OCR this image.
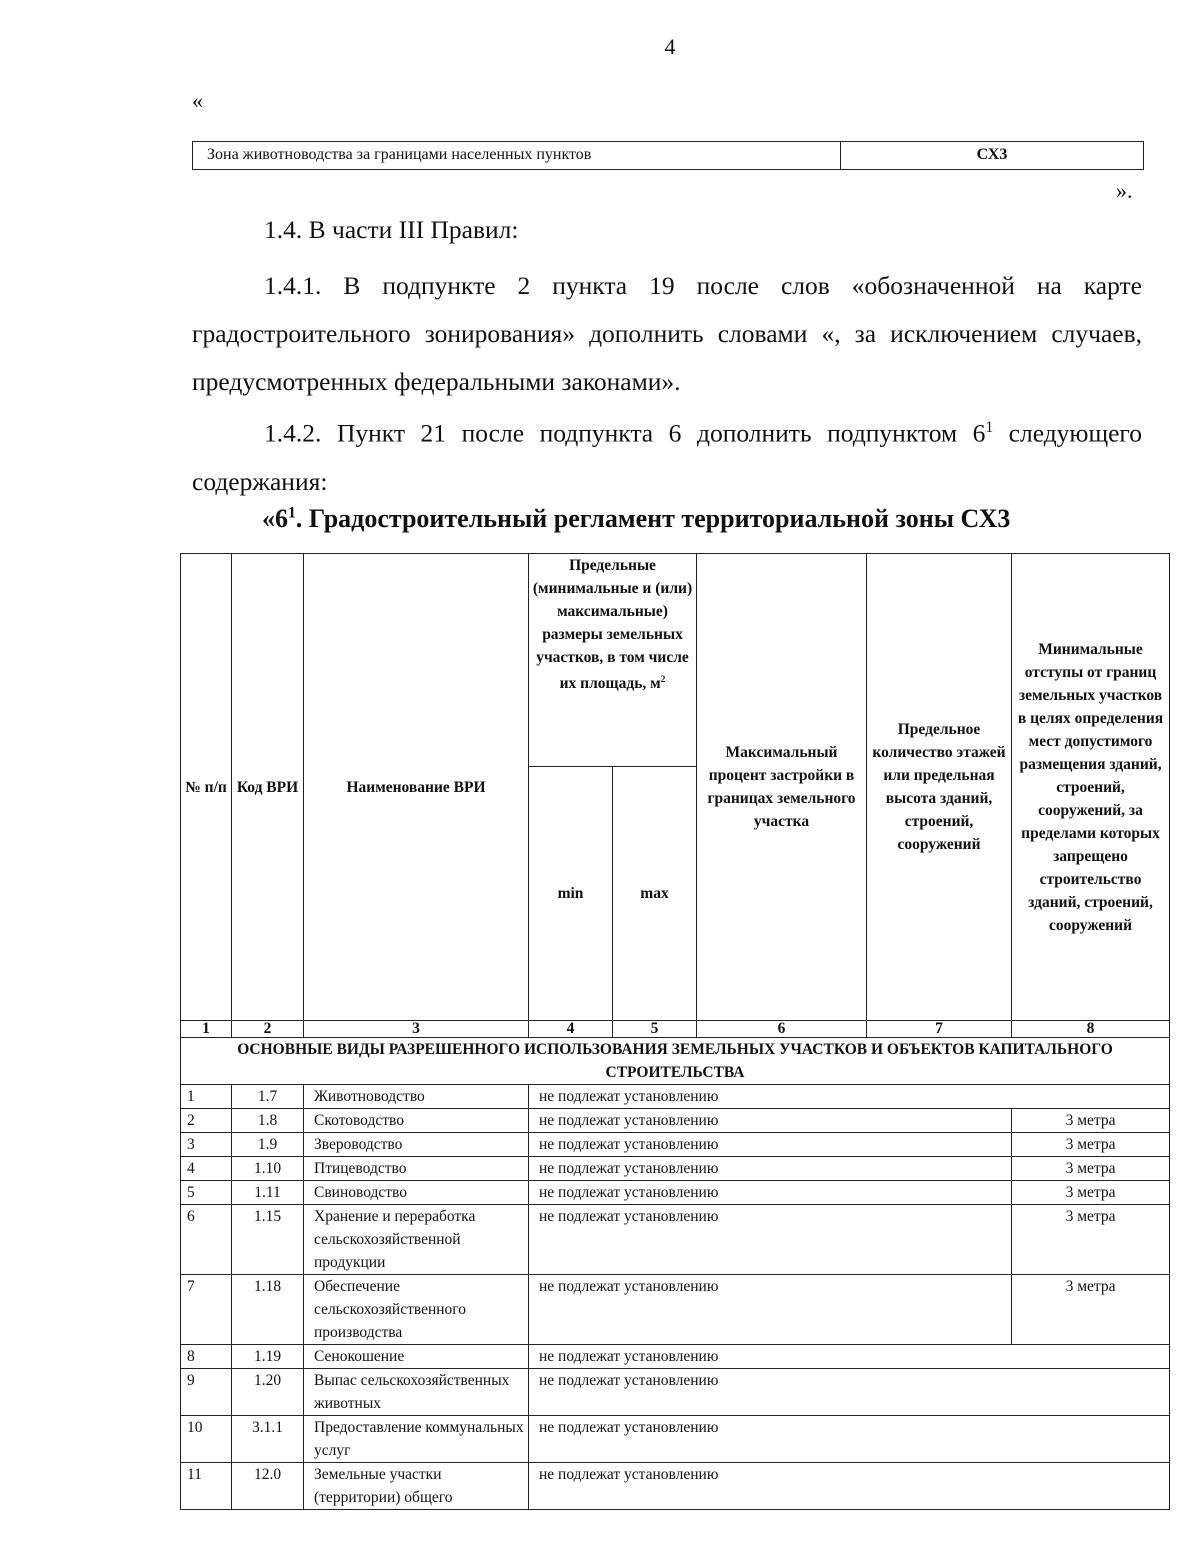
4
«
Зона животноводства за границами населенных пунктов	СХ3
».
1.4. В части III Правил:
1.4.1. В подпункте 2 пункта 19 после слов «обозначенной на карте градостроительного зонирования» дополнить словами «, за исключением случаев, предусмотренных федеральными законами».
1.4.2. Пункт 21 после подпункта 6 дополнить подпунктом $6^1$ следующего содержания:
«$6^1$. Градостроительный регламент территориальной зоны СХ3
№ п/п	Код ВРИ	Наименование ВРИ	Предельные (минимальные и (или) максимальные) размеры земельных участков, в том числе их площадь, $м^2$		Максимальный процент застройки в границах земельного участка	Предельное количество этажей или предельная высота зданий, строений, сооружений	Минимальные отступы от границ земельных участков в целях определения мест допустимого размещения зданий, строений, сооружений, за пределами которых запрещено строительство зданий, строений, сооружений
			min	max			
1	2	3	4	5	6	7	8
ОСНОВНЫЕ ВИДЫ РАЗРЕШЕННОГО ИСПОЛЬЗОВАНИЯ ЗЕМЕЛЬНЫХ УЧАСТКОВ И ОБЪЕКТОВ КАПИТАЛЬНОГО СТРОИТЕЛЬСТВА							
1	1.7	Животноводство	не подлежат установлению				
2	1.8	Скотоводство	не подлежат установлению				3 метра
3	1.9	Звероводство	не подлежат установлению				3 метра
4	1.10	Птицеводство	не подлежат установлению				3 метра
5	1.11	Свиноводство	не подлежат установлению				3 метра
6	1.15	Хранение и переработка сельскохозяйственной продукции	не подлежат установлению				3 метра
7	1.18	Обеспечение сельскохозяйственного производства	не подлежат установлению				3 метра
8	1.19	Сенокошение	не подлежат установлению				
9	1.20	Выпас сельскохозяйственных животных	не подлежат установлению				
10	3.1.1	Предоставление коммунальных услуг	не подлежат установлению				
11	12.0	Земельные участки (территории) общего	не подлежат установлению				
